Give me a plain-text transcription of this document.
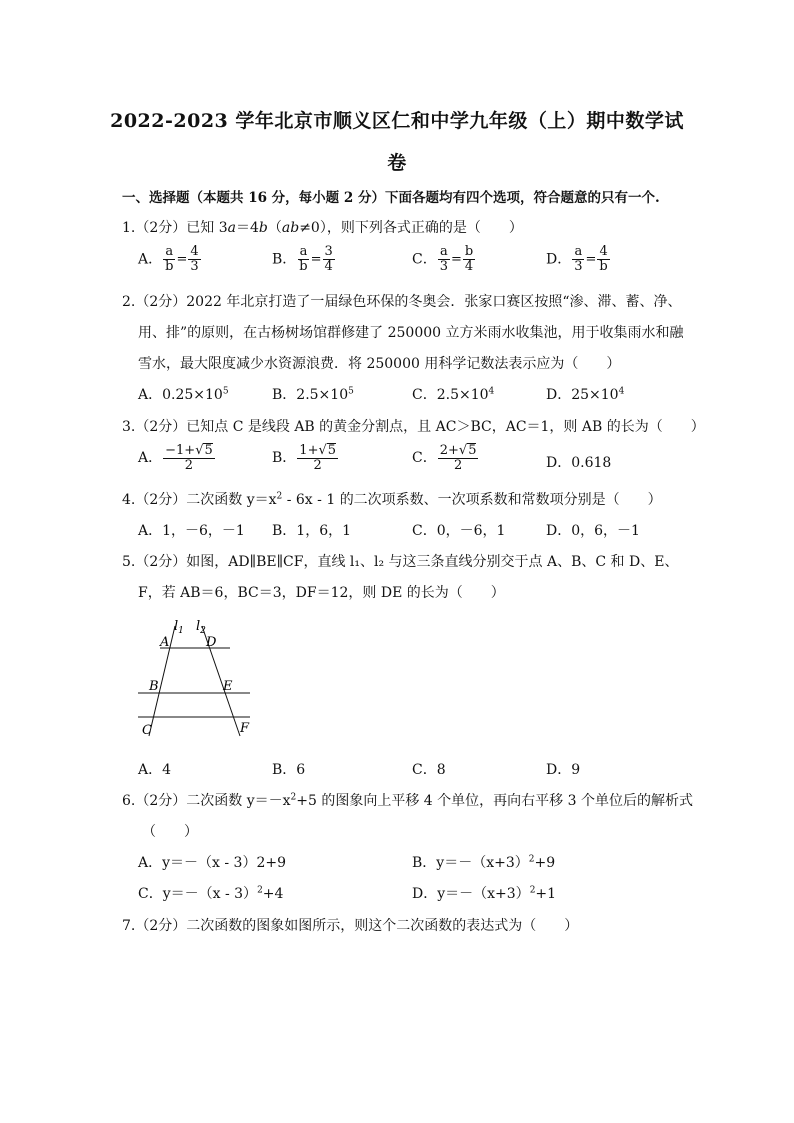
2022-2023 学年北京市顺义区仁和中学九年级（上）期中数学试
卷
一、选择题（本题共 16 分，每小题 2 分）下面各题均有四个选项，符合题意的只有一个.
1.（2分）已知 3a＝4b（ab≠0），则下列各式正确的是（　　）
A． $\frac{a}{b} = \frac{4}{3}$	B． $\frac{a}{b} = \frac{3}{4}$	C． $\frac{a}{3} = \frac{b}{4}$	D． $\frac{a}{3} = \frac{4}{b}$
2.（2分）2022 年北京打造了一届绿色环保的冬奥会．张家口赛区按照“渗、滞、蓄、净、
用、排”的原则，在古杨树场馆群修建了 250000 立方米雨水收集池，用于收集雨水和融
雪水，最大限度减少水资源浪费．将 250000 用科学记数法表示应为（　　）
A．$0.25\times 10^5$	B．$2.5\times 10^5$	C．$2.5\times 10^4$	D．$25\times 10^4$
3.（2分）已知点 C 是线段 AB 的黄金分割点，且 AC＞BC，AC＝1，则 AB 的长为（　　）
A． $\frac{-1+√5}{2}$	B． $\frac{1+√5}{2}$	C． $\frac{2+√5}{2}$	D．0.618
4.（2分）二次函数 $y=x^2 - 6x - 1$ 的二次项系数、一次项系数和常数项分别是（　　）
A．1，－6，－1 B．1，6，1	C．0，－6，1	D．0，6，－1
5.（2分）如图，AD∥BE∥CF，直线 l₁、l₂ 与这三条直线分别交于点 A、B、C 和 D、E、
F，若 AB＝6，BC＝3，DF＝12，则 DE 的长为（　　）
$l_1$ $l_2$
A	D
B	E
C	F
A．4	B．6	C．8	D．9
6.（2分）二次函数 $y=-x^2+5$ 的图象向上平移 4 个单位，再向右平移 3 个单位后的解析式
（　　）
A．y＝－（x - 3）2+9	B．$y=-(x+3)^2+9$
C．y＝－（x - 3）$^2$+4	D．$y=-(x+3)^2+1$
7.（2分）二次函数的图象如图所示，则这个二次函数的表达式为（　　）
